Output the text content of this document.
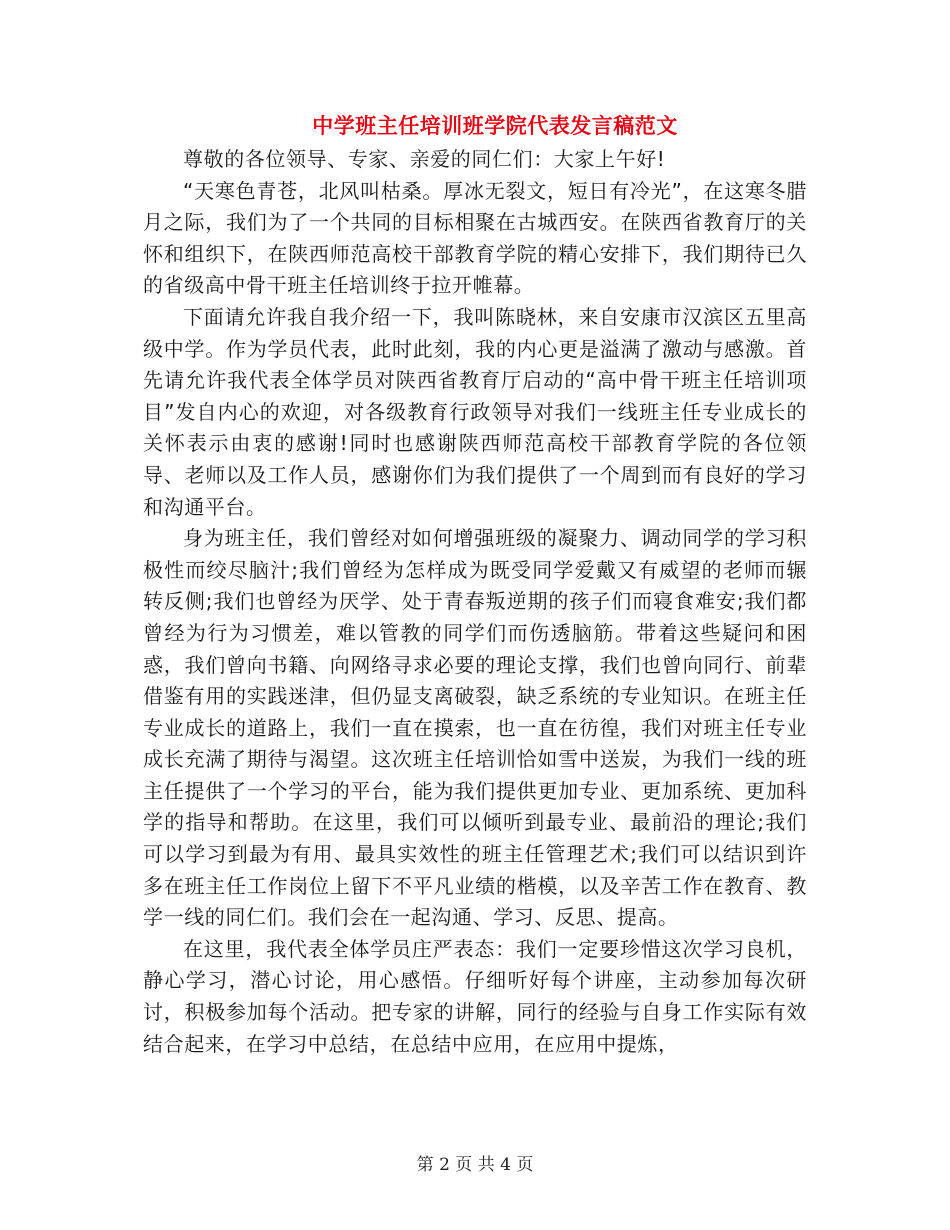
中学班主任培训班学院代表发言稿范文

尊敬的各位领导、专家、亲爱的同仁们：大家上午好!

“天寒色青苍，北风叫枯桑。厚冰无裂文，短日有冷光”，在这寒冬腊月之际，我们为了一个共同的目标相聚在古城西安。在陕西省教育厅的关怀和组织下，在陕西师范高校干部教育学院的精心安排下，我们期待已久的省级高中骨干班主任培训终于拉开帷幕。

下面请允许我自我介绍一下，我叫陈晓林，来自安康市汉滨区五里高级中学。作为学员代表，此时此刻，我的内心更是溢满了激动与感激。首先请允许我代表全体学员对陕西省教育厅启动的“高中骨干班主任培训项目”发自内心的欢迎，对各级教育行政领导对我们一线班主任专业成长的关怀表示由衷的感谢!同时也感谢陕西师范高校干部教育学院的各位领导、老师以及工作人员，感谢你们为我们提供了一个周到而有良好的学习和沟通平台。

身为班主任，我们曾经对如何增强班级的凝聚力、调动同学的学习积极性而绞尽脑汁;我们曾经为怎样成为既受同学爱戴又有威望的老师而辗转反侧;我们也曾经为厌学、处于青春叛逆期的孩子们而寝食难安;我们都曾经为行为习惯差，难以管教的同学们而伤透脑筋。带着这些疑问和困惑，我们曾向书籍、向网络寻求必要的理论支撑，我们也曾向同行、前辈借鉴有用的实践迷津，但仍显支离破裂，缺乏系统的专业知识。在班主任专业成长的道路上，我们一直在摸索，也一直在彷徨，我们对班主任专业成长充满了期待与渴望。这次班主任培训恰如雪中送炭，为我们一线的班主任提供了一个学习的平台，能为我们提供更加专业、更加系统、更加科学的指导和帮助。在这里，我们可以倾听到最专业、最前沿的理论;我们可以学习到最为有用、最具实效性的班主任管理艺术;我们可以结识到许多在班主任工作岗位上留下不平凡业绩的楷模，以及辛苦工作在教育、教学一线的同仁们。我们会在一起沟通、学习、反思、提高。

在这里，我代表全体学员庄严表态：我们一定要珍惜这次学习良机，静心学习，潜心讨论，用心感悟。仔细听好每个讲座，主动参加每次研讨，积极参加每个活动。把专家的讲解，同行的经验与自身工作实际有效结合起来，在学习中总结，在总结中应用，在应用中提炼，

第 2 页 共 4 页
